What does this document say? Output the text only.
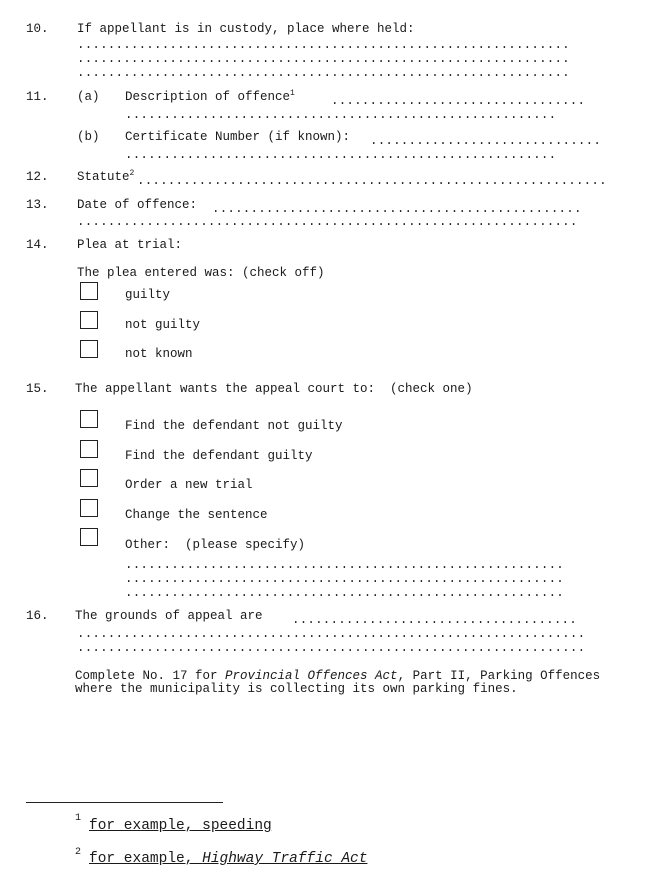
10. If appellant is in custody, place where held:
................................................................
................................................................
................................................................
11. (a) Description of offence$^1$
.................................
........................................................
(b) Certificate Number (if known): ..............................
........................................................
12. Statute$^2$
.............................................................
13. Date of offence: ................................................
.................................................................
14. Plea at trial:
The plea entered was: (check off)
guilty
not guilty
not known
15. The appellant wants the appeal court to:  (check one)
Find the defendant not guilty
Find the defendant guilty
Order a new trial
Change the sentence
Other:  (please specify)
.........................................................
.........................................................
.........................................................
16. The grounds of appeal are .....................................
..................................................................
..................................................................
Complete No. 17 for Provincial Offences Act, Part II, Parking Offences
where the municipality is collecting its own parking fines.
1 for example, speeding
2 for example, Highway Traffic Act
